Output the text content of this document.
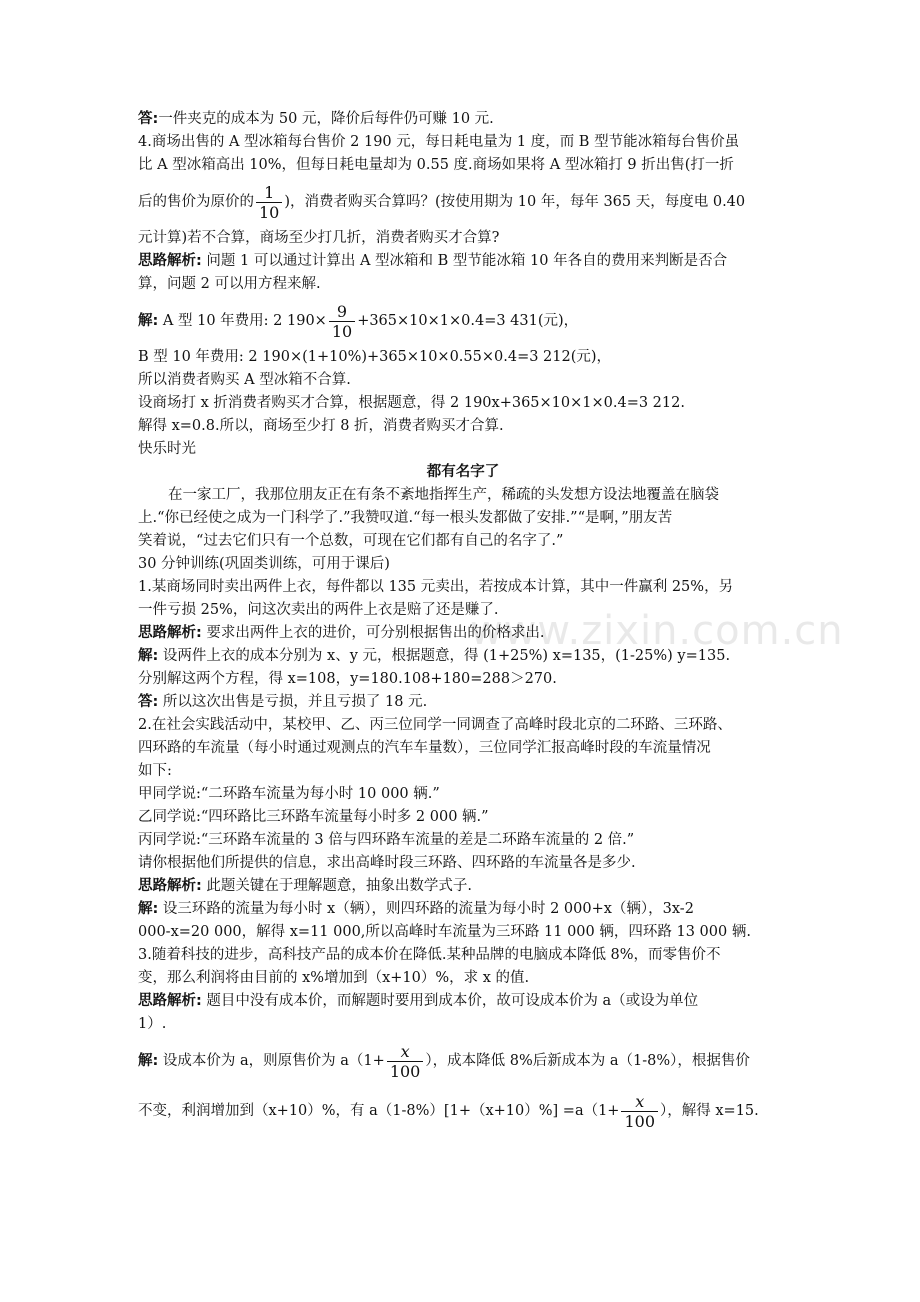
www.zixin.com.cn
答:一件夹克的成本为 50 元，降价后每件仍可赚 10 元.
4.商场出售的 A 型冰箱每台售价 2 190 元，每日耗电量为 1 度，而 B 型节能冰箱每台售价虽
比 A 型冰箱高出 10%，但每日耗电量却为 0.55 度.商场如果将 A 型冰箱打 9 折出售(打一折
后的售价为原价的 $\frac{1}{10}$ )，消费者购买合算吗？(按使用期为 10 年，每年 365 天，每度电 0.40
元计算)若不合算，商场至少打几折，消费者购买才合算?
思路解析: 问题 1 可以通过计算出 A 型冰箱和 B 型节能冰箱 10 年各自的费用来判断是否合
算，问题 2 可以用方程来解.
解: A 型 10 年费用: 2 $190\times \frac{9}{10} +365\times 10\times 1\times 0.4=3$ 431(元)，
B 型 10 年费用: 2 190×(1+10%)+365×10×0.55×0.4=3 212(元)，
所以消费者购买 A 型冰箱不合算.
设商场打 x 折消费者购买才合算，根据题意，得 2 190x+365×10×1×0.4=3 212.
解得 x=0.8.所以，商场至少打 8 折，消费者购买才合算.
快乐时光
都有名字了
在一家工厂，我那位朋友正在有条不紊地指挥生产，稀疏的头发想方设法地覆盖在脑袋
上.“你已经使之成为一门科学了.”我赞叹道.“每一根头发都做了安排.”“是啊，”朋友苦
笑着说，“过去它们只有一个总数，可现在它们都有自己的名字了.”
30 分钟训练(巩固类训练，可用于课后)
1.某商场同时卖出两件上衣，每件都以 135 元卖出，若按成本计算，其中一件赢利 25%，另
一件亏损 25%，问这次卖出的两件上衣是赔了还是赚了.
思路解析: 要求出两件上衣的进价，可分别根据售出的价格求出.
解: 设两件上衣的成本分别为 x、y 元，根据题意，得 (1+25%) x=135，(1-25%) y=135.
分别解这两个方程，得 x=108，y=180.108+180=288＞270.
答: 所以这次出售是亏损，并且亏损了 18 元.
2.在社会实践活动中，某校甲、乙、丙三位同学一同调查了高峰时段北京的二环路、三环路、
四环路的车流量（每小时通过观测点的汽车车量数），三位同学汇报高峰时段的车流量情况
如下:
甲同学说:“二环路车流量为每小时 10 000 辆.”
乙同学说:“四环路比三环路车流量每小时多 2 000 辆.”
丙同学说:“三环路车流量的 3 倍与四环路车流量的差是二环路车流量的 2 倍.”
请你根据他们所提供的信息，求出高峰时段三环路、四环路的车流量各是多少.
思路解析: 此题关键在于理解题意，抽象出数学式子.
解: 设三环路的流量为每小时 x（辆），则四环路的流量为每小时 2 000+x（辆），3x-2
000-x=20 000，解得 x=11 000,所以高峰时车流量为三环路 11 000 辆，四环路 13 000 辆.
3.随着科技的进步，高科技产品的成本价在降低.某种品牌的电脑成本降低 8%，而零售价不
变，那么利润将由目前的 x%增加到（x+10）%，求 x 的值.
思路解析: 题目中没有成本价，而解题时要用到成本价，故可设成本价为 a（或设为单位
1）.
解: 设成本价为 a，则原售价为 $a(1+ \frac{x}{100}$ ），成本降低 8%后新成本为 a（1-8%），根据售价
不变，利润增加到（x+10）%，有 $a(1-8\%)[1+(x+10)\%] =a(1+ \frac{x}{100}$ ），解得 x=15.
